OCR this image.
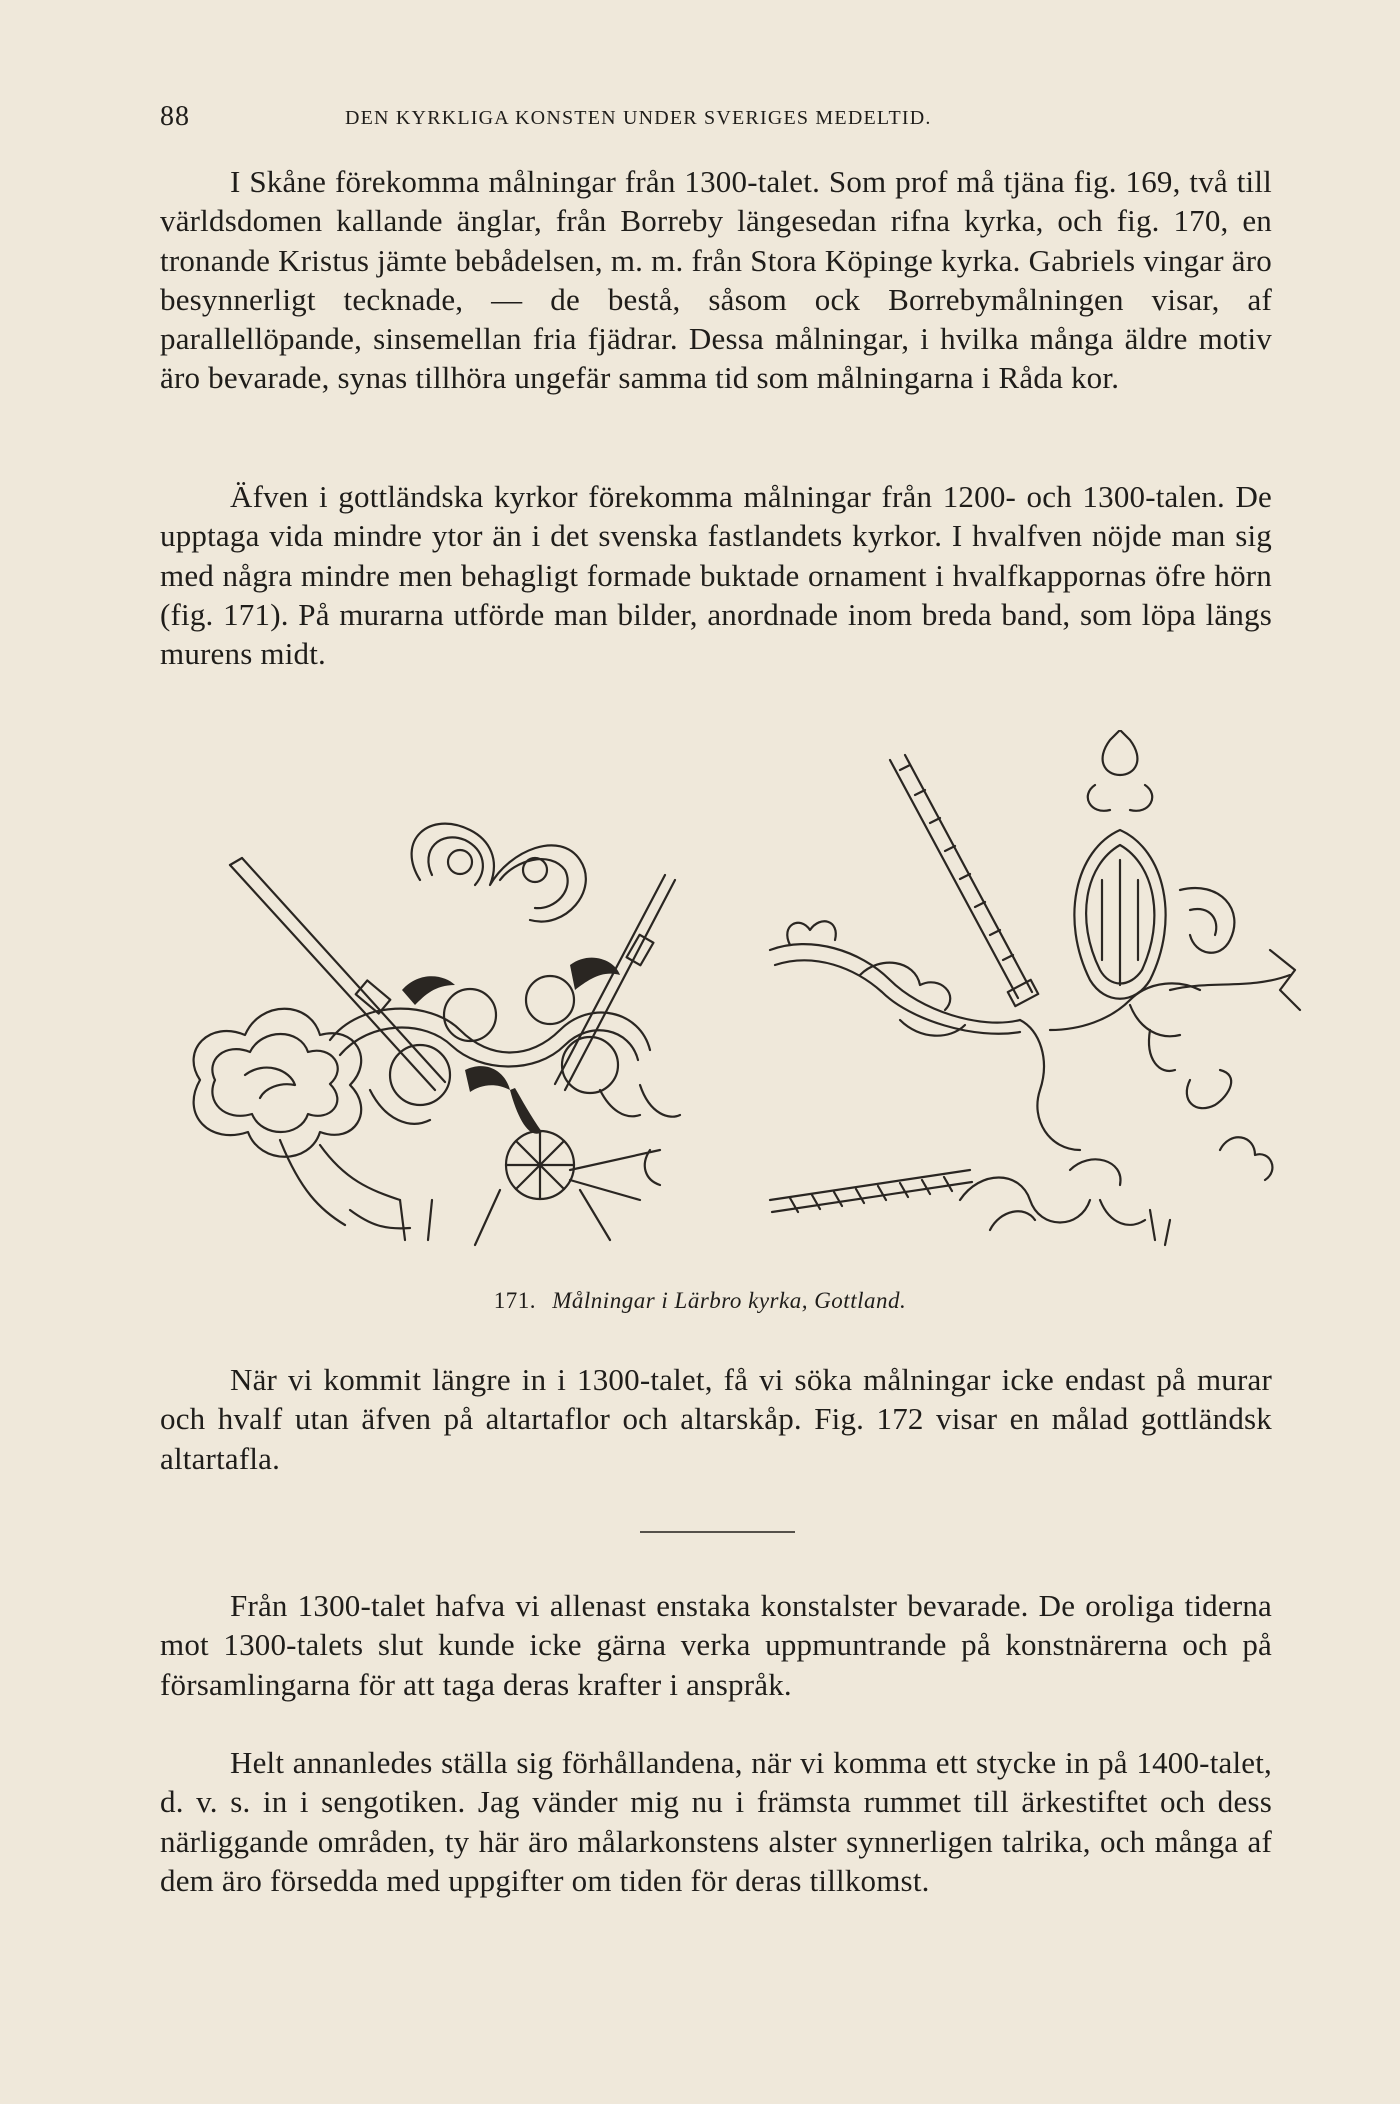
88	DEN KYRKLIGA KONSTEN UNDER SVERIGES MEDELTID.

I Skåne förekomma målningar från 1300-talet. Som prof må tjäna fig. 169, två till världsdomen kallande änglar, från Borreby längesedan rifna kyrka, och fig. 170, en tronande Kristus jämte bebådelsen, m. m. från Stora Köpinge kyrka. Gabriels vingar äro besynnerligt tecknade, — de bestå, såsom ock Borrebymålningen visar, af parallellöpande, sinsemellan fria fjädrar. Dessa målningar, i hvilka många äldre motiv äro bevarade, synas tillhöra ungefär samma tid som målningarna i Råda kor.

Äfven i gottländska kyrkor förekomma målningar från 1200- och 1300-talen. De upptaga vida mindre ytor än i det svenska fastlandets kyrkor. I hvalfven nöjde man sig med några mindre men behagligt formade buktade ornament i hvalfkappornas öfre hörn (fig. 171). På murarna utförde man bilder, anordnade inom breda band, som löpa längs murens midt.

171. Målningar i Lärbro kyrka, Gottland.

När vi kommit längre in i 1300-talet, få vi söka målningar icke endast på murar och hvalf utan äfven på altartaflor och altarskåp. Fig. 172 visar en målad gottländsk altartafla.

Från 1300-talet hafva vi allenast enstaka konstalster bevarade. De oroliga tiderna mot 1300-talets slut kunde icke gärna verka uppmuntrande på konstnärerna och på församlingarna för att taga deras krafter i anspråk.

Helt annanledes ställa sig förhållandena, när vi komma ett stycke in på 1400-talet, d. v. s. in i sengotiken. Jag vänder mig nu i främsta rummet till ärkestiftet och dess närliggande områden, ty här äro målarkonstens alster synnerligen talrika, och många af dem äro försedda med uppgifter om tiden för deras tillkomst.
